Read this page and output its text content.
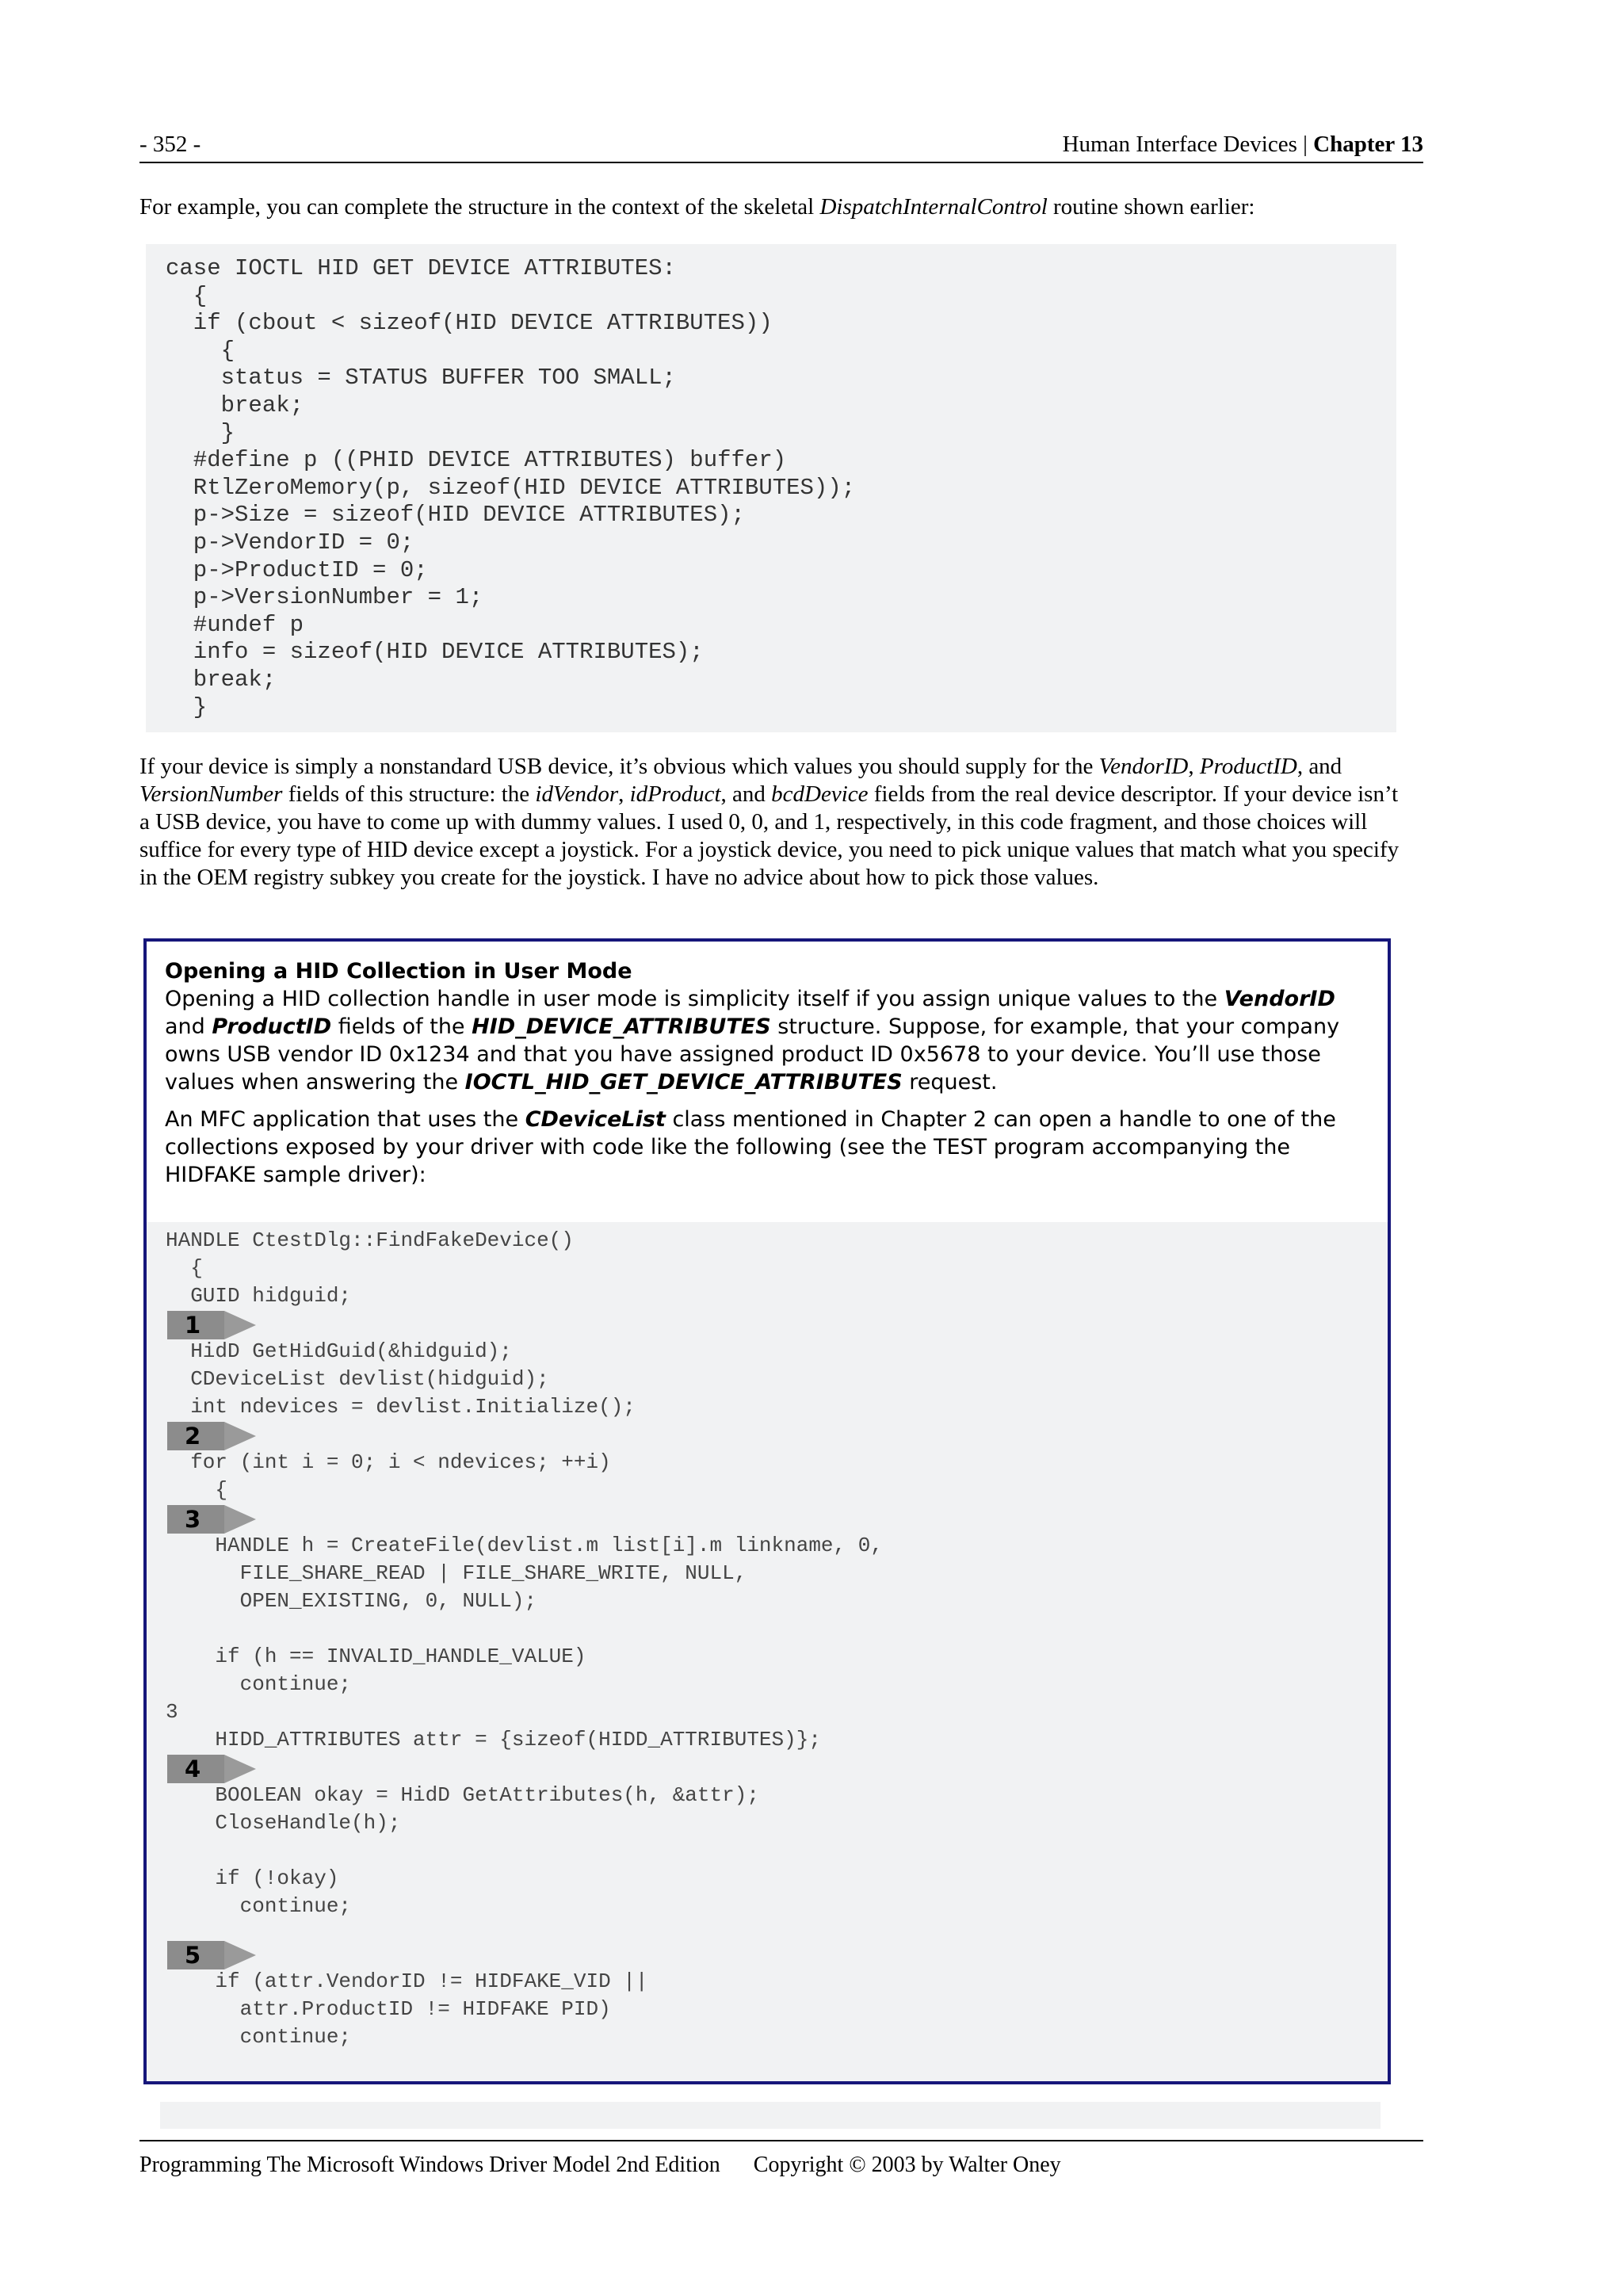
- 352 -	Human Interface Devices | Chapter 13
For example, you can complete the structure in the context of the skeletal DispatchInternalControl routine shown earlier:
case IOCTL HID GET DEVICE ATTRIBUTES:
{
if (cbout < sizeof(HID DEVICE ATTRIBUTES))
{
status = STATUS BUFFER TOO SMALL;
break;
}
#define p ((PHID DEVICE ATTRIBUTES) buffer)
RtlZeroMemory(p, sizeof(HID DEVICE ATTRIBUTES));
p->Size = sizeof(HID DEVICE ATTRIBUTES);
p->VendorID = 0;
p->ProductID = 0;
p->VersionNumber = 1;
#undef p
info = sizeof(HID DEVICE ATTRIBUTES);
break;
}
If your device is simply a nonstandard USB device, it’s obvious which values you should supply for the VendorID, ProductID, and VersionNumber fields of this structure: the idVendor, idProduct, and bcdDevice fields from the real device descriptor. If your device isn’t a USB device, you have to come up with dummy values. I used 0, 0, and 1, respectively, in this code fragment, and those choices will suffice for every type of HID device except a joystick. For a joystick device, you need to pick unique values that match what you specify in the OEM registry subkey you create for the joystick. I have no advice about how to pick those values.
Opening a HID Collection in User Mode

Opening a HID collection handle in user mode is simplicity itself if you assign unique values to the VendorID and ProductID fields of the HID_DEVICE_ATTRIBUTES structure. Suppose, for example, that your company owns USB vendor ID 0x1234 and that you have assigned product ID 0x5678 to your device. You’ll use those values when answering the IOCTL_HID_GET_DEVICE_ATTRIBUTES request.

An MFC application that uses the CDeviceList class mentioned in Chapter 2 can open a handle to one of the collections exposed by your driver with code like the following (see the TEST program accompanying the HIDFAKE sample driver):

HANDLE CtestDlg::FindFakeDevice()
{
GUID hidguid;
1
HidD GetHidGuid(&hidguid);
CDeviceList devlist(hidguid);
int ndevices = devlist.Initialize();
2
for (int i = 0; i < ndevices; ++i)
{
3
HANDLE h = CreateFile(devlist.m list[i].m linkname, 0,
FILE_SHARE_READ | FILE_SHARE_WRITE, NULL,
OPEN_EXISTING, 0, NULL);
if (h == INVALID_HANDLE_VALUE)
continue;
3
HIDD_ATTRIBUTES attr = {sizeof(HIDD_ATTRIBUTES)};
4
BOOLEAN okay = HidD GetAttributes(h, &attr);
CloseHandle(h);
if (!okay)
continue;
5
if (attr.VendorID != HIDFAKE_VID ||
attr.ProductID != HIDFAKE PID)
continue;
Programming The Microsoft Windows Driver Model 2nd Edition Copyright © 2003 by Walter Oney
